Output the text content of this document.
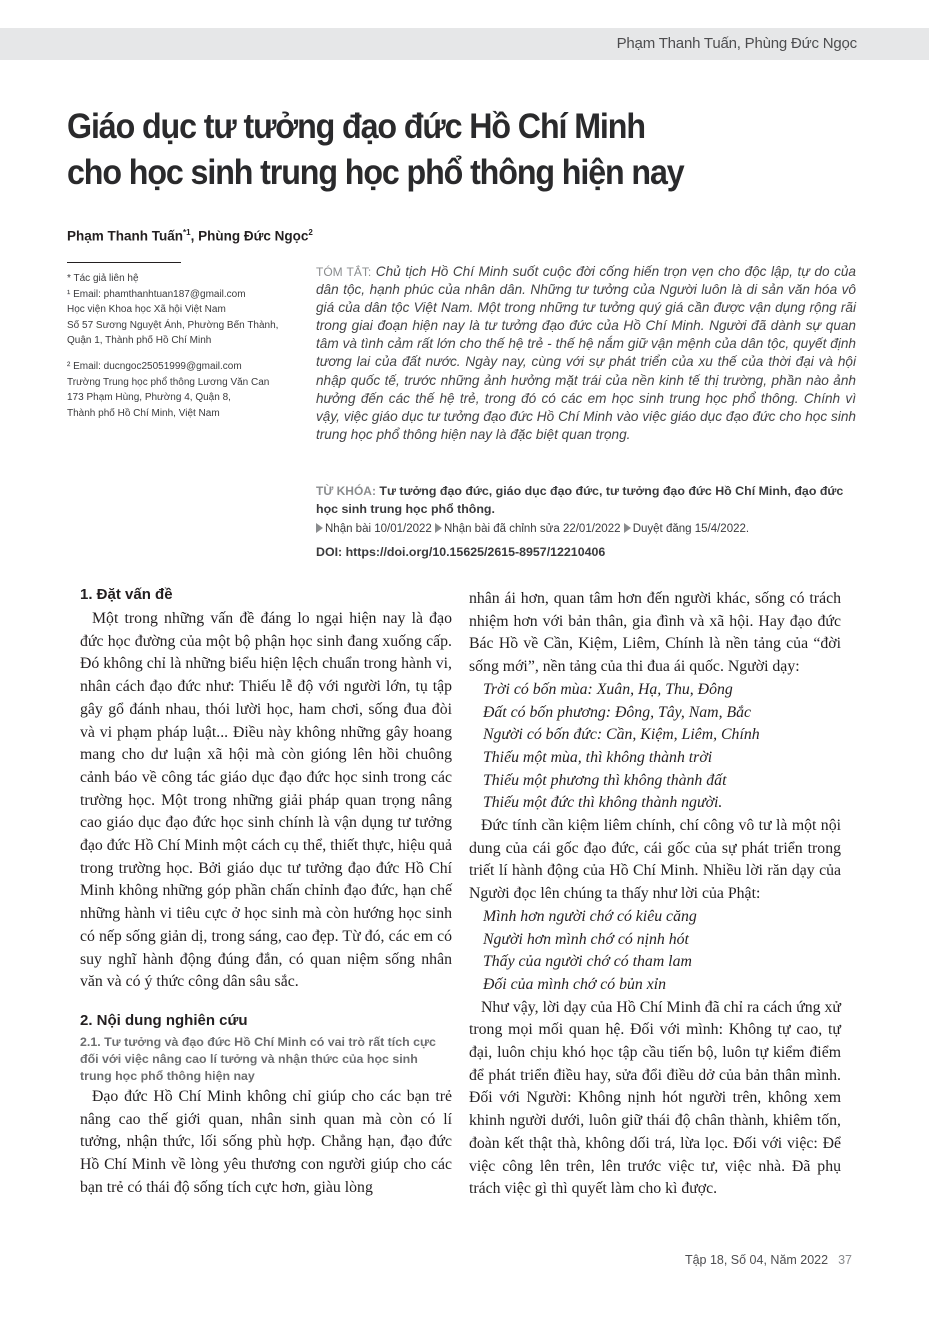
Phạm Thanh Tuấn, Phùng Đức Ngọc
Giáo dục tư tưởng đạo đức Hồ Chí Minh
cho học sinh trung học phổ thông hiện nay
Phạm Thanh Tuấn$^{*1}$, Phùng Đức Ngọc$^2$
* Tác giả liên hệ
¹ Email: phamthanhtuan187@gmail.com
Học viện Khoa học Xã hội Việt Nam
Số 57 Sương Nguyệt Ánh, Phường Bến Thành,
Quận 1, Thành phố Hồ Chí Minh
² Email: ducngoc25051999@gmail.com
Trường Trung học phổ thông Lương Văn Can
173 Phạm Hùng, Phường 4, Quận 8,
Thành phố Hồ Chí Minh, Việt Nam
TÓM TẮT: Chủ tịch Hồ Chí Minh suốt cuộc đời cống hiến trọn vẹn cho độc lập, tự do của dân tộc, hạnh phúc của nhân dân. Những tư tưởng của Người luôn là di sản văn hóa vô giá của dân tộc Việt Nam. Một trong những tư tưởng quý giá cần được vận dụng rộng rãi trong giai đoạn hiện nay là tư tưởng đạo đức của Hồ Chí Minh. Người đã dành sự quan tâm và tình cảm rất lớn cho thế hệ trẻ - thế hệ nắm giữ vận mệnh của dân tộc, quyết định tương lai của đất nước. Ngày nay, cùng với sự phát triển của xu thế của thời đại và hội nhập quốc tế, trước những ảnh hưởng mặt trái của nền kinh tế thị trường, phần nào ảnh hưởng đến các thế hệ trẻ, trong đó có các em học sinh trung học phổ thông. Chính vì vậy, việc giáo dục tư tưởng đạo đức Hồ Chí Minh vào việc giáo dục đạo đức cho học sinh trung học phổ thông hiện nay là đặc biệt quan trọng.
TỪ KHÓA: Tư tưởng đạo đức, giáo dục đạo đức, tư tưởng đạo đức Hồ Chí Minh, đạo đức học sinh trung học phổ thông.
Nhận bài 10/01/2022 Nhận bài đã chỉnh sửa 22/01/2022 Duyệt đăng 15/4/2022.
DOI: https://doi.org/10.15625/2615-8957/12210406
1. Đặt vấn đề

Một trong những vấn đề đáng lo ngại hiện nay là đạo đức học đường của một bộ phận học sinh đang xuống cấp. Đó không chỉ là những biểu hiện lệch chuẩn trong hành vi, nhân cách đạo đức như: Thiếu lễ độ với người lớn, tụ tập gây gổ đánh nhau, thói lười học, ham chơi, sống đua đòi và vi phạm pháp luật... Điều này không những gây hoang mang cho dư luận xã hội mà còn gióng lên hồi chuông cảnh báo về công tác giáo dục đạo đức học sinh trong các trường học. Một trong những giải pháp quan trọng nâng cao giáo dục đạo đức học sinh chính là vận dụng tư tưởng đạo đức Hồ Chí Minh một cách cụ thể, thiết thực, hiệu quả trong trường học. Bởi giáo dục tư tưởng đạo đức Hồ Chí Minh không những góp phần chấn chỉnh đạo đức, hạn chế những hành vi tiêu cực ở học sinh mà còn hướng học sinh có nếp sống giản dị, trong sáng, cao đẹp. Từ đó, các em có suy nghĩ hành động đúng đắn, có quan niệm sống nhân văn và có ý thức công dân sâu sắc.

2. Nội dung nghiên cứu
2.1. Tư tưởng và đạo đức Hồ Chí Minh có vai trò rất tích cực đối với việc nâng cao lí tưởng và nhận thức của học sinh trung học phổ thông hiện nay

Đạo đức Hồ Chí Minh không chỉ giúp cho các bạn trẻ nâng cao thế giới quan, nhân sinh quan mà còn có lí tưởng, nhận thức, lối sống phù hợp. Chẳng hạn, đạo đức Hồ Chí Minh về lòng yêu thương con người giúp cho các bạn trẻ có thái độ sống tích cực hơn, giàu lòng

nhân ái hơn, quan tâm hơn đến người khác, sống có trách nhiệm hơn với bản thân, gia đình và xã hội. Hay đạo đức Bác Hồ về Cần, Kiệm, Liêm, Chính là nền tảng của “đời sống mới”, nền tảng của thi đua ái quốc. Người dạy:

Trời có bốn mùa: Xuân, Hạ, Thu, Đông

Đất có bốn phương: Đông, Tây, Nam, Bắc

Người có bốn đức: Cần, Kiệm, Liêm, Chính

Thiếu một mùa, thì không thành trời

Thiếu một phương thì không thành đất

Thiếu một đức thì không thành người.

Đức tính cần kiệm liêm chính, chí công vô tư là một nội dung của cái gốc đạo đức, cái gốc của sự phát triển trong triết lí hành động của Hồ Chí Minh. Nhiều lời răn dạy của Người đọc lên chúng ta thấy như lời của Phật:

Mình hơn người chớ có kiêu căng

Người hơn mình chớ có nịnh hót

Thấy của người chớ có tham lam

Đối của mình chớ có bủn xỉn

Như vậy, lời dạy của Hồ Chí Minh đã chỉ ra cách ứng xử trong mọi mối quan hệ. Đối với mình: Không tự cao, tự đại, luôn chịu khó học tập cầu tiến bộ, luôn tự kiểm điểm để phát triển điều hay, sửa đổi điều dở của bản thân mình. Đối với Người: Không nịnh hót người trên, không xem khinh người dưới, luôn giữ thái độ chân thành, khiêm tốn, đoàn kết thật thà, không dối trá, lừa lọc. Đối với việc: Để việc công lên trên, lên trước việc tư, việc nhà. Đã phụ trách việc gì thì quyết làm cho kì được.

Tập 18, Số 04, Năm 2022 37
